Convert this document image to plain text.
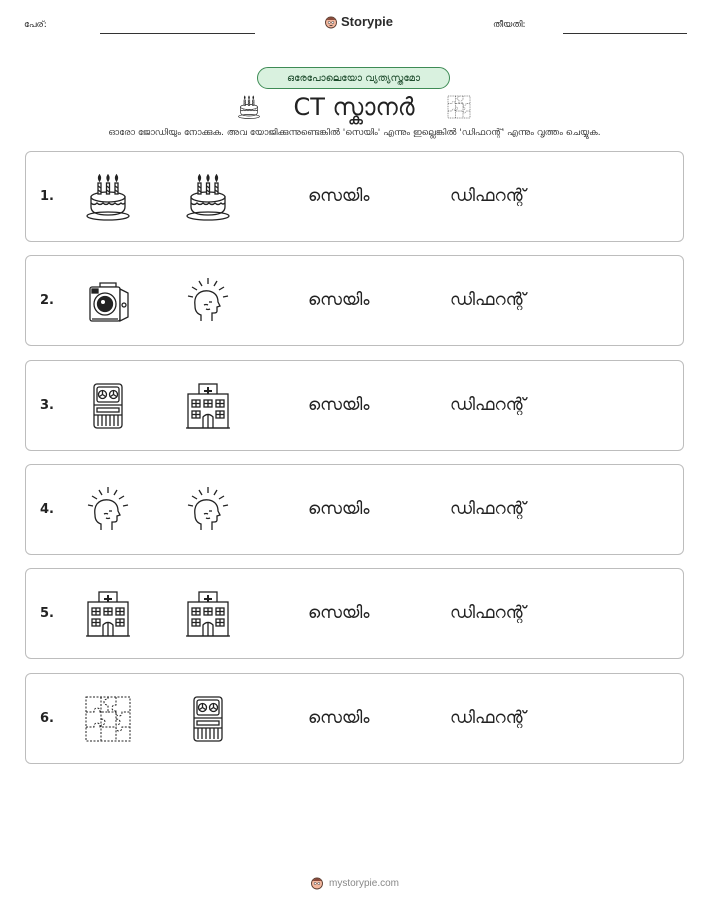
പേര്:	Storypie	തീയതി:
ഒരേപോലെയോ വ്യത്യസ്തമോ
CT സ്കാനർ
ഓരോ ജോഡിയും നോക്കുക. അവ യോജിക്കുന്നുണ്ടെങ്കിൽ 'സെയിം' എന്നും ഇല്ലെങ്കിൽ 'ഡിഫറന്റ്' എന്നും വൃത്തം ചെയ്യുക.
1.	സെയിം	ഡിഫറന്റ്
2.	സെയിം	ഡിഫറന്റ്
3.	സെയിം	ഡിഫറന്റ്
4.	സെയിം	ഡിഫറന്റ്
5.	സെയിം	ഡിഫറന്റ്
6.	സെയിം	ഡിഫറന്റ്
mystorypie.com
